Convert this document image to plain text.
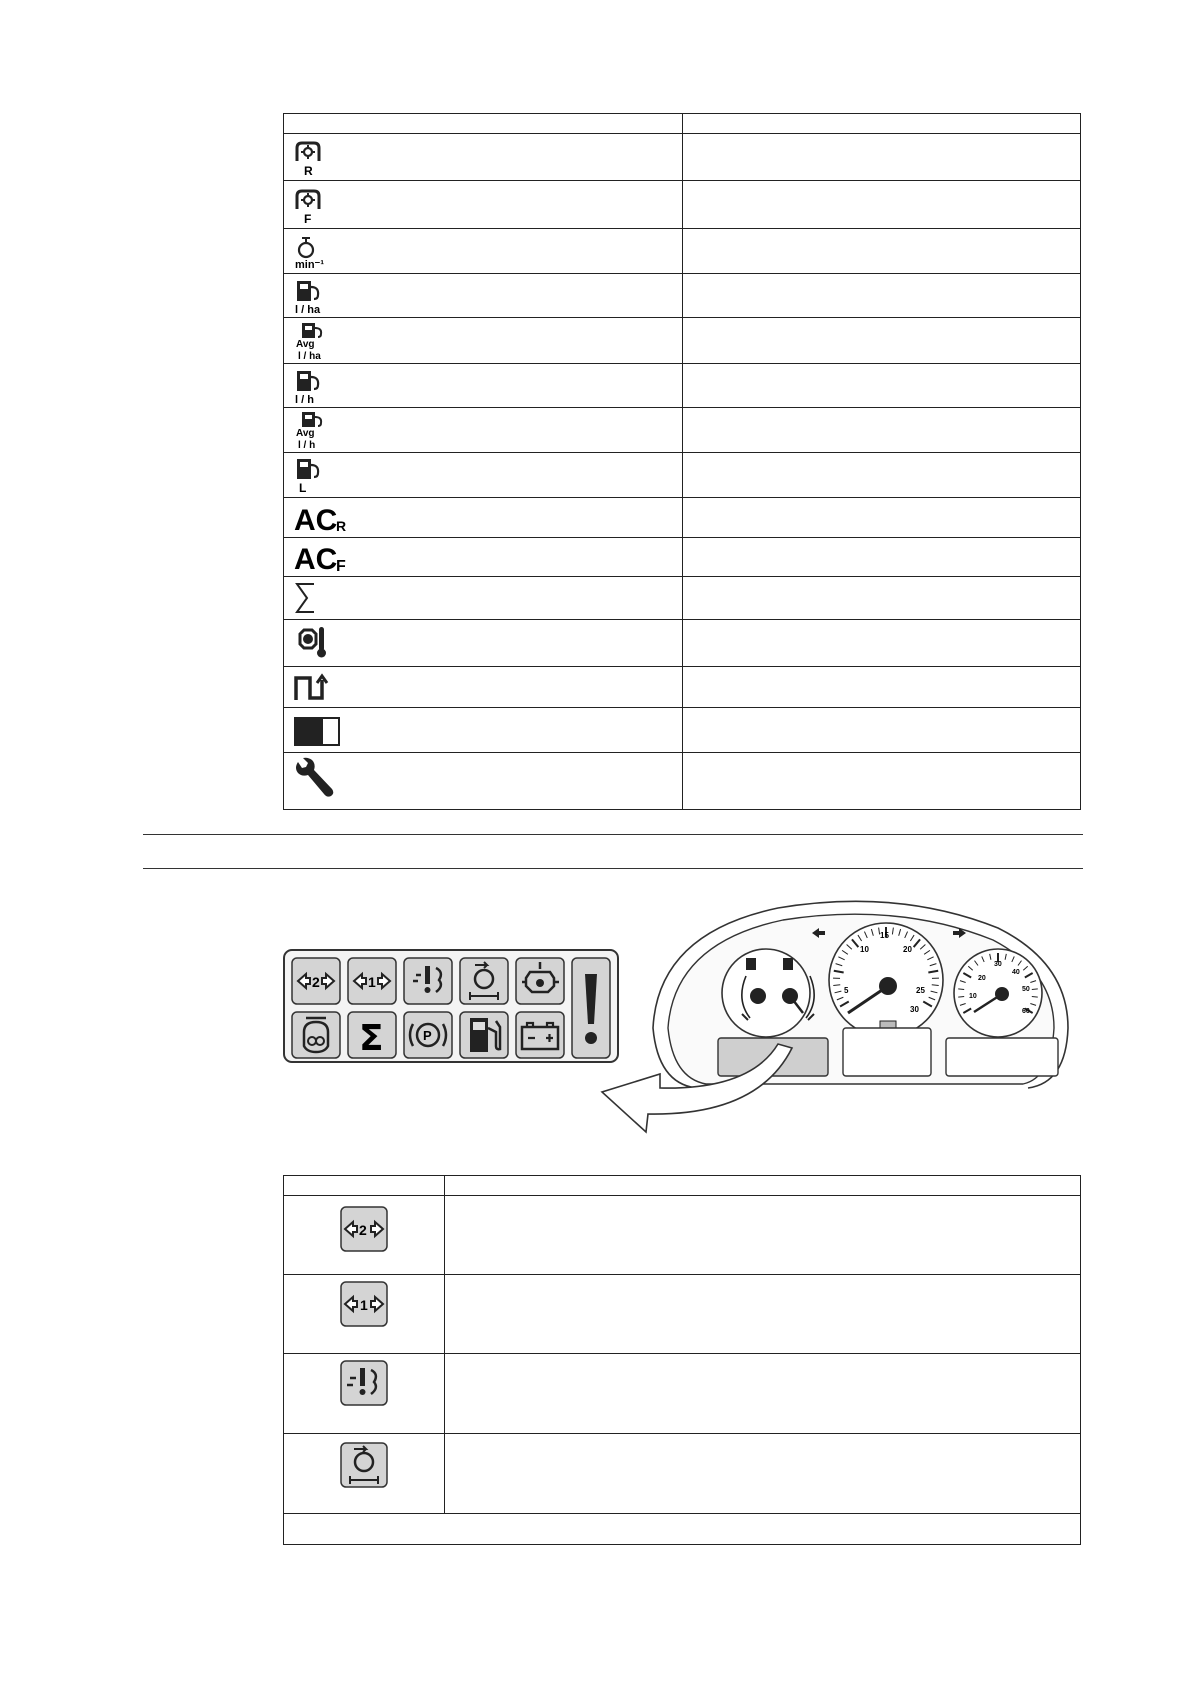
R	

F	

min⁻¹	

l / ha	

Avg
l / ha	

l / h	

Avg
l / h	

L	

AC
R	

AC
F	

2	1
Σ	P
5
10
15
20
25
30
10
20
30
40
50
60

2	

1	
